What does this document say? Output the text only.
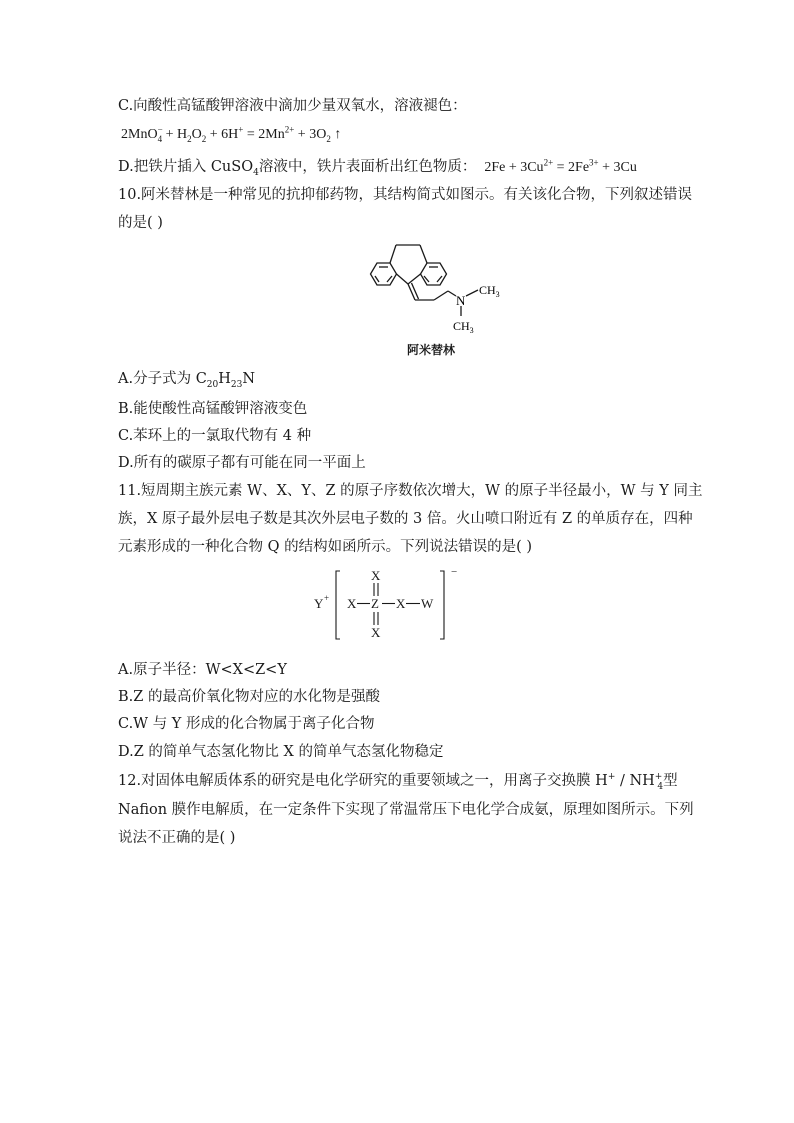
C.向酸性高锰酸钾溶液中滴加少量双氧水，溶液褪色：
$2MnO^-_4 + H_2O_2 + 6H^+ = 2Mn^{2+} + 3O_2$ ↑
D.把铁片插入 CuSO$_4$溶液中，铁片表面析出红色物质： $2Fe + 3Cu^{2+} = 2Fe^{3+} + 3Cu$
10.阿米替林是一种常见的抗抑郁药物，其结构简式如图示。有关该化合物，下列叙述错误
的是( )
N
$CH_3$
$CH_3$
阿米替林
A.分子式为 $C_{20}H_{23}N$
B.能使酸性高锰酸钾溶液变色
C.苯环上的一氯取代物有 4 种
D.所有的碳原子都有可能在同一平面上
11.短周期主族元素 W、X、Y、Z 的原子序数依次增大，W 的原子半径最小，W 与 Y 同主
族，X 原子最外层电子数是其次外层电子数的 3 倍。火山喷口附近有 Z 的单质存在，四种
元素形成的一种化合物 Q 的结构如函所示。下列说法错误的是( )
Y +
X
X Z X W
X
−
A.原子半径：W<X<Z<Y
B.Z 的最高价氧化物对应的水化物是强酸
C.W 与 Y 形成的化合物属于离子化合物
D.Z 的简单气态氢化物比 X 的简单气态氢化物稳定
12.对固体电解质体系的研究是电化学研究的重要领域之一，用离子交换膜 $H^+ / NH^+_4$型
Nafion 膜作电解质，在一定条件下实现了常温常压下电化学合成氨，原理如图所示。下列
说法不正确的是( )
